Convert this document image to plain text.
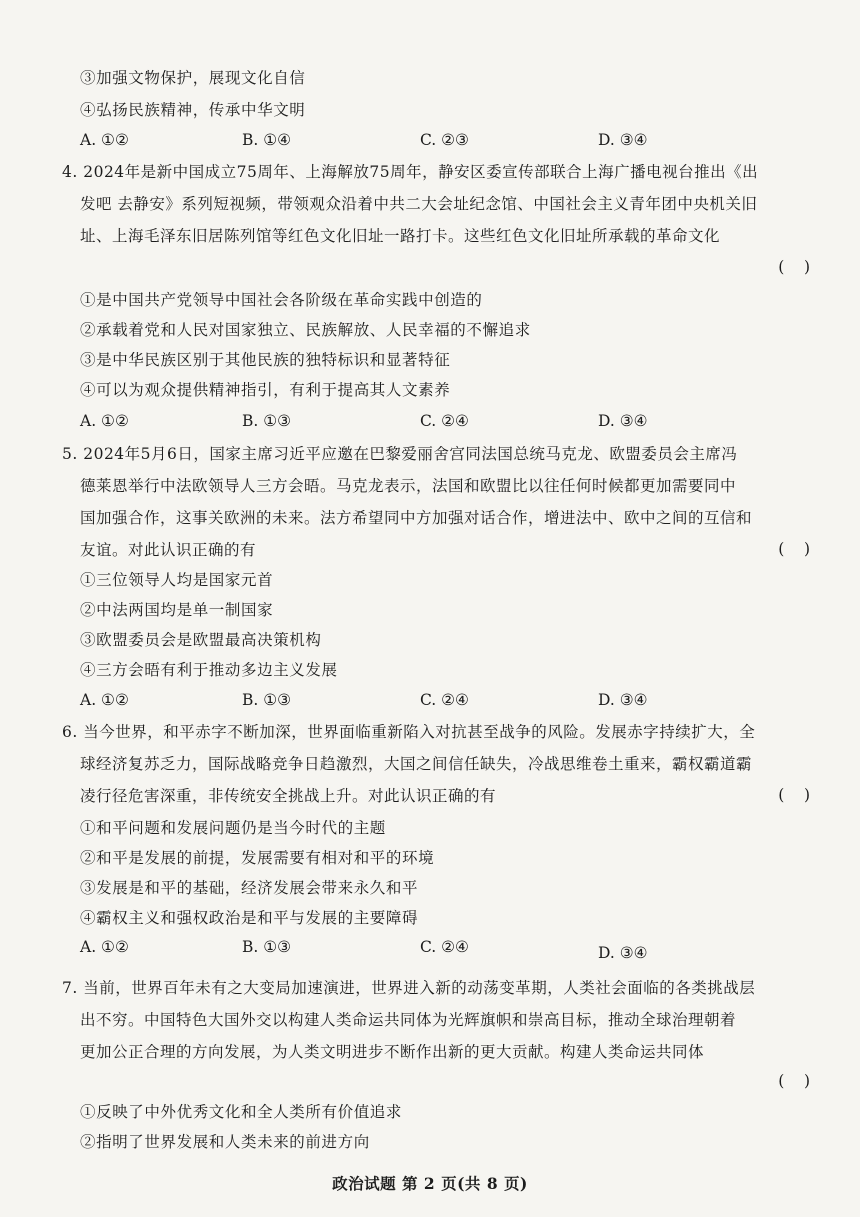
③加强文物保护，展现文化自信
④弘扬民族精神，传承中华文明
A. ①②	B. ①④	C. ②③	D. ③④
4. 2024年是新中国成立75周年、上海解放75周年，静安区委宣传部联合上海广播电视台推出《出
发吧 去静安》系列短视频，带领观众沿着中共二大会址纪念馆、中国社会主义青年团中央机关旧
址、上海毛泽东旧居陈列馆等红色文化旧址一路打卡。这些红色文化旧址所承载的革命文化
(    )
①是中国共产党领导中国社会各阶级在革命实践中创造的
②承载着党和人民对国家独立、民族解放、人民幸福的不懈追求
③是中华民族区别于其他民族的独特标识和显著特征
④可以为观众提供精神指引，有利于提高其人文素养
A. ①②	B. ①③	C. ②④	D. ③④
5. 2024年5月6日，国家主席习近平应邀在巴黎爱丽舍宫同法国总统马克龙、欧盟委员会主席冯
德莱恩举行中法欧领导人三方会晤。马克龙表示，法国和欧盟比以往任何时候都更加需要同中
国加强合作，这事关欧洲的未来。法方希望同中方加强对话合作，增进法中、欧中之间的互信和
友谊。对此认识正确的有	(    )
①三位领导人均是国家元首
②中法两国均是单一制国家
③欧盟委员会是欧盟最高决策机构
④三方会晤有利于推动多边主义发展
A. ①②	B. ①③	C. ②④	D. ③④
6. 当今世界，和平赤字不断加深，世界面临重新陷入对抗甚至战争的风险。发展赤字持续扩大，全
球经济复苏乏力，国际战略竞争日趋激烈，大国之间信任缺失，冷战思维卷土重来，霸权霸道霸
凌行径危害深重，非传统安全挑战上升。对此认识正确的有	(    )
①和平问题和发展问题仍是当今时代的主题
②和平是发展的前提，发展需要有相对和平的环境
③发展是和平的基础，经济发展会带来永久和平
④霸权主义和强权政治是和平与发展的主要障碍
A. ①②	B. ①③	C. ②④	D. ③④
7. 当前，世界百年未有之大变局加速演进，世界进入新的动荡变革期，人类社会面临的各类挑战层
出不穷。中国特色大国外交以构建人类命运共同体为光辉旗帜和崇高目标，推动全球治理朝着
更加公正合理的方向发展，为人类文明进步不断作出新的更大贡献。构建人类命运共同体
(    )
①反映了中外优秀文化和全人类所有价值追求
②指明了世界发展和人类未来的前进方向
政治试题 第 2 页(共 8 页)
